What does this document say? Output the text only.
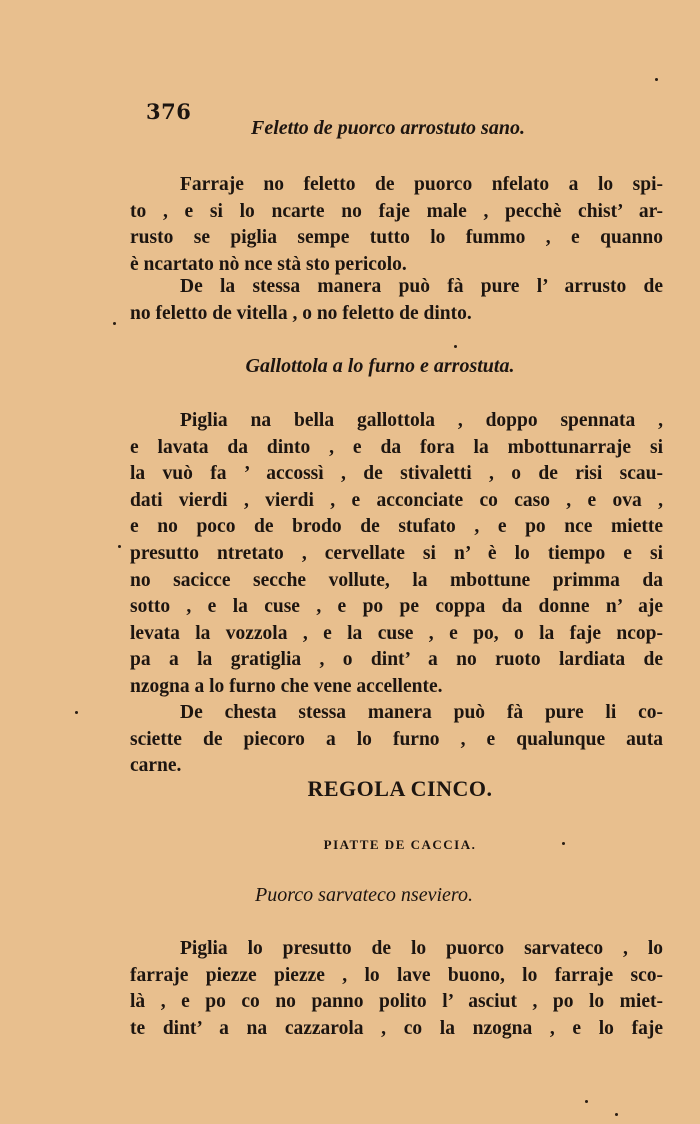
376
Feletto de puorco arrostuto sano.
Farraje no feletto de puorco nfelato a lo spi-
to , e si lo ncarte no faje male , pecchè chist’ ar-
rusto se piglia sempe tutto lo fummo , e quanno
è ncartato nò nce stà sto pericolo.
De la stessa manera può fà pure l’ arrusto de
no feletto de vitella , o no feletto de dinto.
Gallottola a lo furno e arrostuta.
Piglia na bella gallottola , doppo spennata ,
e lavata da dinto , e da fora la mbottunarraje si
la vuò fa ’ accossì , de stivaletti , o de risi scau-
dati vierdi , vierdi , e acconciate co caso , e ova ,
e no poco de brodo de stufato , e po nce miette
presutto ntretato , cervellate si n’ è lo tiempo e si
no sacicce secche vollute, la mbottune primma da
sotto , e la cuse , e po pe coppa da donne n’ aje
levata la vozzola , e la cuse , e po, o la faje ncop-
pa a la gratiglia , o dint’ a no ruoto lardiata de
nzogna a lo furno che vene accellente.
De chesta stessa manera può fà pure li co-
sciette de piecoro a lo furno , e qualunque auta
carne.
REGOLA CINCO.
PIATTE DE CACCIA.
Puorco sarvateco nseviero.
Piglia lo presutto de lo puorco sarvateco , lo
farraje piezze piezze , lo lave buono, lo farraje sco-
là , e po co no panno polito l’ asciut , po lo miet-
te dint’ a na cazzarola , co la nzogna , e lo faje
